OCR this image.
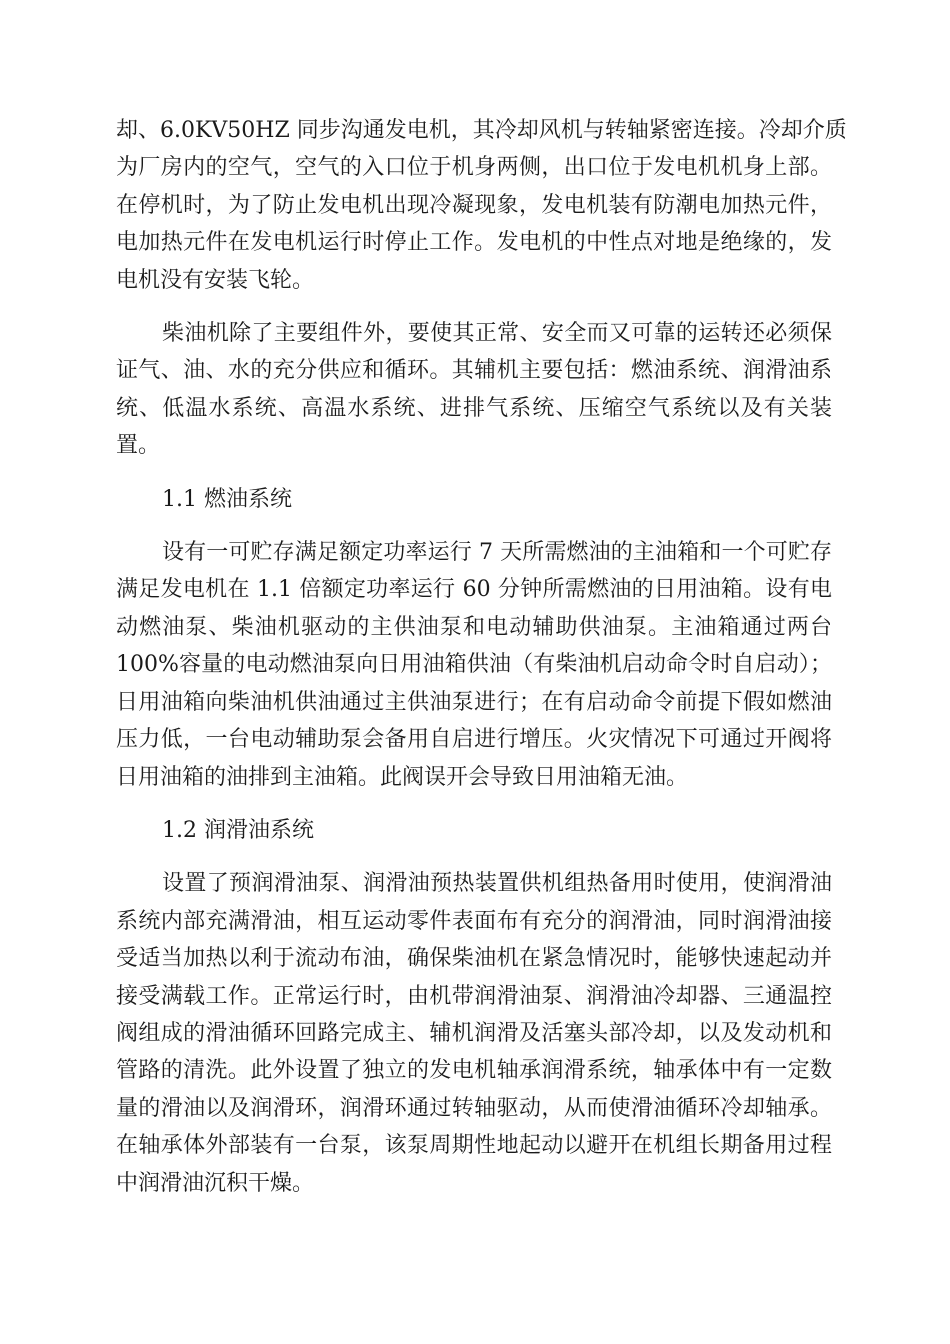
却、6.0KV50HZ 同步沟通发电机，其冷却风机与转轴紧密连接。冷却介质
为厂房内的空气，空气的入口位于机身两侧，出口位于发电机机身上部。
在停机时，为了防止发电机出现冷凝现象，发电机装有防潮电加热元件，
电加热元件在发电机运行时停止工作。发电机的中性点对地是绝缘的，发
电机没有安装飞轮。

柴油机除了主要组件外，要使其正常、安全而又可靠的运转还必须保
证气、油、水的充分供应和循环。其辅机主要包括：燃油系统、润滑油系
统、低温水系统、高温水系统、进排气系统、压缩空气系统以及有关装
置。

1.1 燃油系统

设有一可贮存满足额定功率运行 7 天所需燃油的主油箱和一个可贮存
满足发电机在 1.1 倍额定功率运行 60 分钟所需燃油的日用油箱。设有电
动燃油泵、柴油机驱动的主供油泵和电动辅助供油泵。主油箱通过两台
100%容量的电动燃油泵向日用油箱供油（有柴油机启动命令时自启动）；
日用油箱向柴油机供油通过主供油泵进行；在有启动命令前提下假如燃油
压力低，一台电动辅助泵会备用自启进行增压。火灾情况下可通过开阀将
日用油箱的油排到主油箱。此阀误开会导致日用油箱无油。

1.2 润滑油系统

设置了预润滑油泵、润滑油预热装置供机组热备用时使用，使润滑油
系统内部充满滑油，相互运动零件表面布有充分的润滑油，同时润滑油接
受适当加热以利于流动布油，确保柴油机在紧急情况时，能够快速起动并
接受满载工作。正常运行时，由机带润滑油泵、润滑油冷却器、三通温控
阀组成的滑油循环回路完成主、辅机润滑及活塞头部冷却，以及发动机和
管路的清洗。此外设置了独立的发电机轴承润滑系统，轴承体中有一定数
量的滑油以及润滑环，润滑环通过转轴驱动，从而使滑油循环冷却轴承。
在轴承体外部装有一台泵，该泵周期性地起动以避开在机组长期备用过程
中润滑油沉积干燥。
